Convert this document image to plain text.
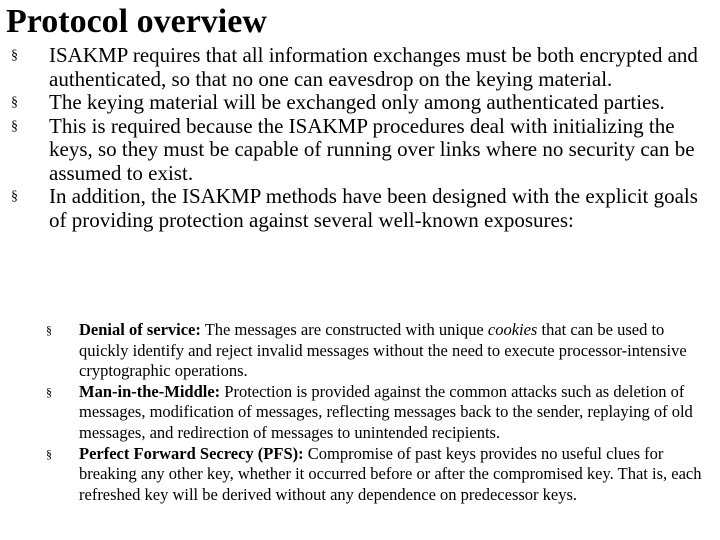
Protocol overview
§ ISAKMP requires that all information exchanges must be both encrypted and authenticated, so that no one can eavesdrop on the keying material.
§ The keying material will be exchanged only among authenticated parties.
§ This is required because the ISAKMP procedures deal with initializing the keys, so they must be capable of running over links where no security can be assumed to exist.
§ In addition, the ISAKMP methods have been designed with the explicit goals of providing protection against several well-known exposures:
§ Denial of service: The messages are constructed with unique cookies that can be used to quickly identify and reject invalid messages without the need to execute processor-intensive cryptographic operations.
§ Man-in-the-Middle: Protection is provided against the common attacks such as deletion of messages, modification of messages, reflecting messages back to the sender, replaying of old messages, and redirection of messages to unintended recipients.
§ Perfect Forward Secrecy (PFS): Compromise of past keys provides no useful clues for breaking any other key, whether it occurred before or after the compromised key. That is, each refreshed key will be derived without any dependence on predecessor keys.
